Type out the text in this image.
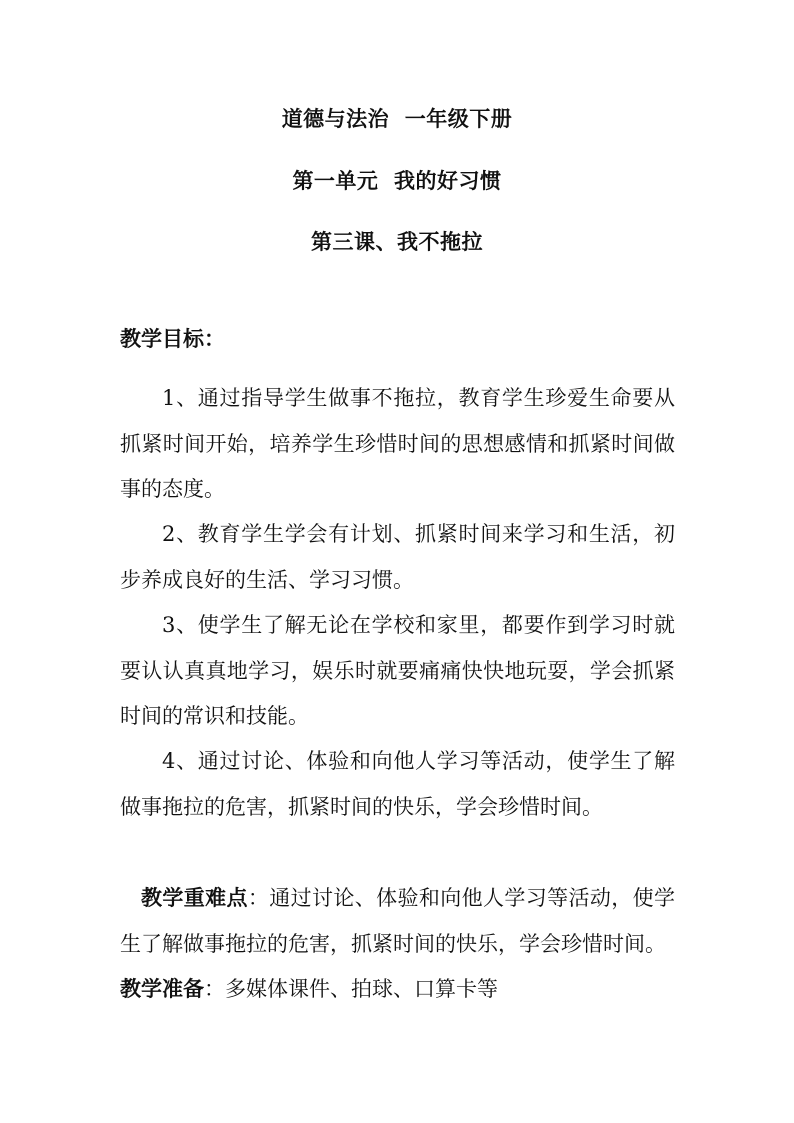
道德与法治  一年级下册
第一单元  我的好习惯
第三课、我不拖拉
教学目标：

1、通过指导学生做事不拖拉，教育学生珍爱生命要从抓紧时间开始，培养学生珍惜时间的思想感情和抓紧时间做事的态度。

2、教育学生学会有计划、抓紧时间来学习和生活，初步养成良好的生活、学习习惯。

3、使学生了解无论在学校和家里，都要作到学习时就要认认真真地学习，娱乐时就要痛痛快快地玩耍，学会抓紧时间的常识和技能。

4、通过讨论、体验和向他人学习等活动，使学生了解做事拖拉的危害，抓紧时间的快乐，学会珍惜时间。

教学重难点：通过讨论、体验和向他人学习等活动，使学生了解做事拖拉的危害，抓紧时间的快乐，学会珍惜时间。

教学准备：多媒体课件、拍球、口算卡等
